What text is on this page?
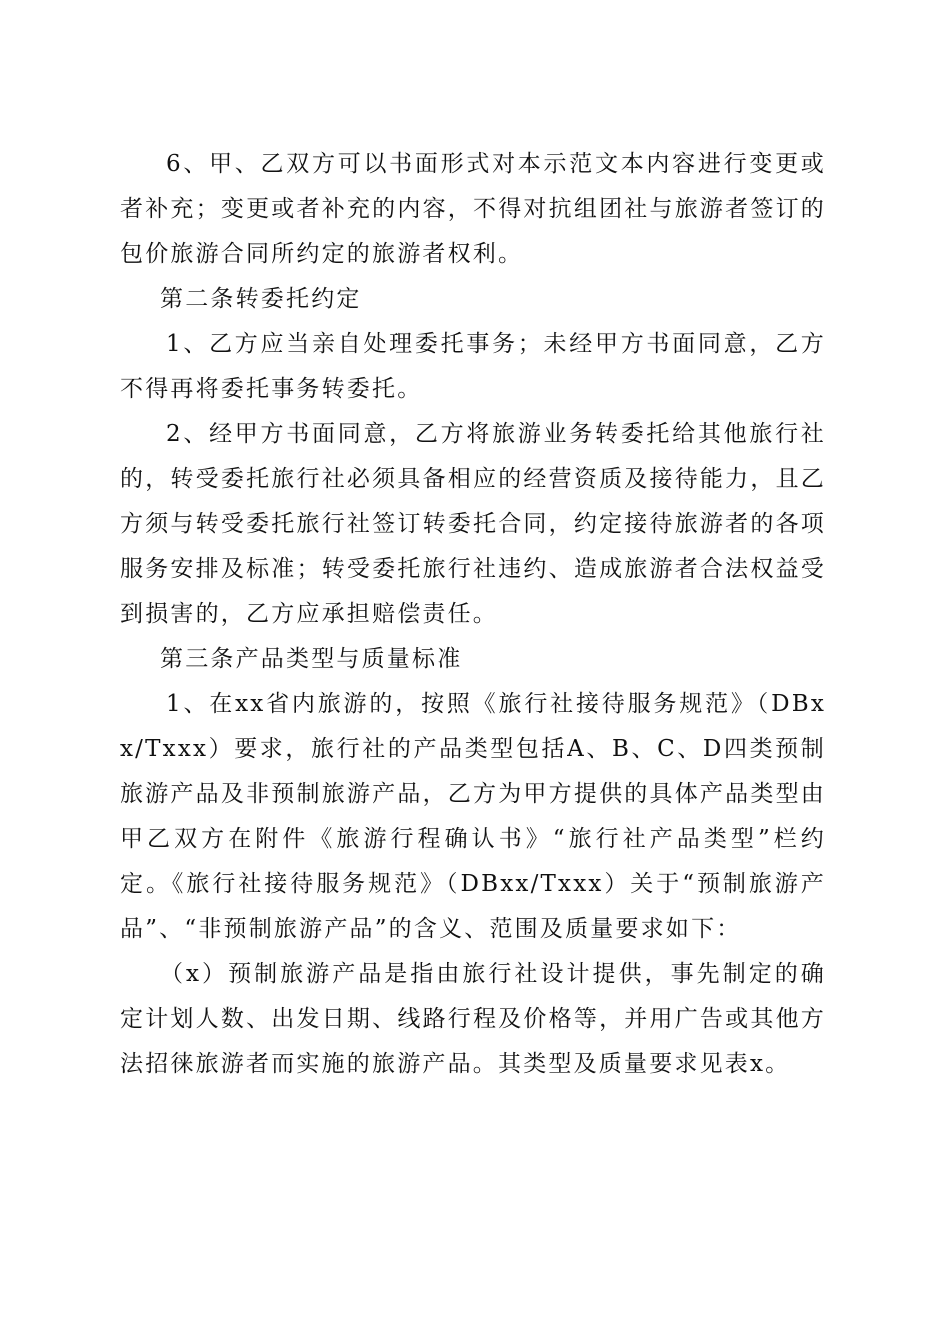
6、甲、乙双方可以书面形式对本示范文本内容进行变更或者补充；变更或者补充的内容，不得对抗组团社与旅游者签订的包价旅游合同所约定的旅游者权利。

第二条转委托约定

1、乙方应当亲自处理委托事务；未经甲方书面同意，乙方不得再将委托事务转委托。

2、经甲方书面同意，乙方将旅游业务转委托给其他旅行社的，转受委托旅行社必须具备相应的经营资质及接待能力，且乙方须与转受委托旅行社签订转委托合同，约定接待旅游者的各项服务安排及标准；转受委托旅行社违约、造成旅游者合法权益受到损害的，乙方应承担赔偿责任。

第三条产品类型与质量标准

1、在xx省内旅游的，按照《旅行社接待服务规范》（DBxx/Txxx）要求，旅行社的产品类型包括A、B、C、D四类预制旅游产品及非预制旅游产品，乙方为甲方提供的具体产品类型由甲乙双方在附件《旅游行程确认书》“旅行社产品类型”栏约定。《旅行社接待服务规范》（DBxx/Txxx）关于“预制旅游产品”、“非预制旅游产品”的含义、范围及质量要求如下：

（x）预制旅游产品是指由旅行社设计提供，事先制定的确定计划人数、出发日期、线路行程及价格等，并用广告或其他方法招徕旅游者而实施的旅游产品。其类型及质量要求见表x。
